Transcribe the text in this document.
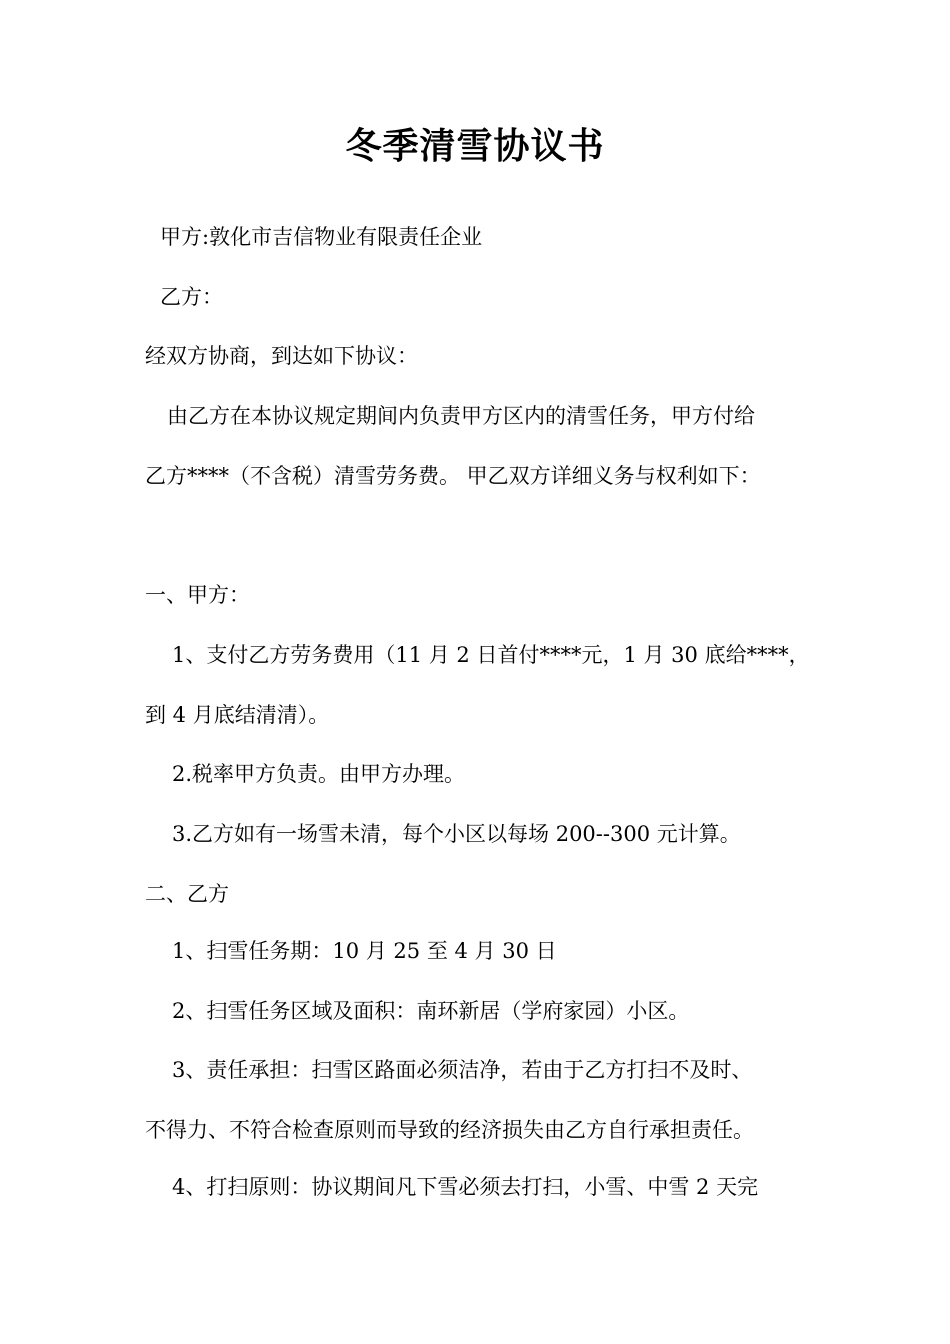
冬季清雪协议书
甲方:敦化市吉信物业有限责任企业
乙方：
经双方协商，到达如下协议：
由乙方在本协议规定期间内负责甲方区内的清雪任务，甲方付给
乙方****（不含税）清雪劳务费。 甲乙双方详细义务与权利如下：
一、甲方：
1、支付乙方劳务费用（11 月 2 日首付****元，1 月 30 底给****，
到 4 月底结清清）。
2.税率甲方负责。由甲方办理。
3.乙方如有一场雪未清，每个小区以每场 200--300 元计算。
二、乙方
1、扫雪任务期：10 月 25 至 4 月 30 日
2、扫雪任务区域及面积：南环新居（学府家园）小区。
3、责任承担：扫雪区路面必须洁净，若由于乙方打扫不及时、
不得力、不符合检查原则而导致的经济损失由乙方自行承担责任。
4、打扫原则：协议期间凡下雪必须去打扫，小雪、中雪 2 天完
